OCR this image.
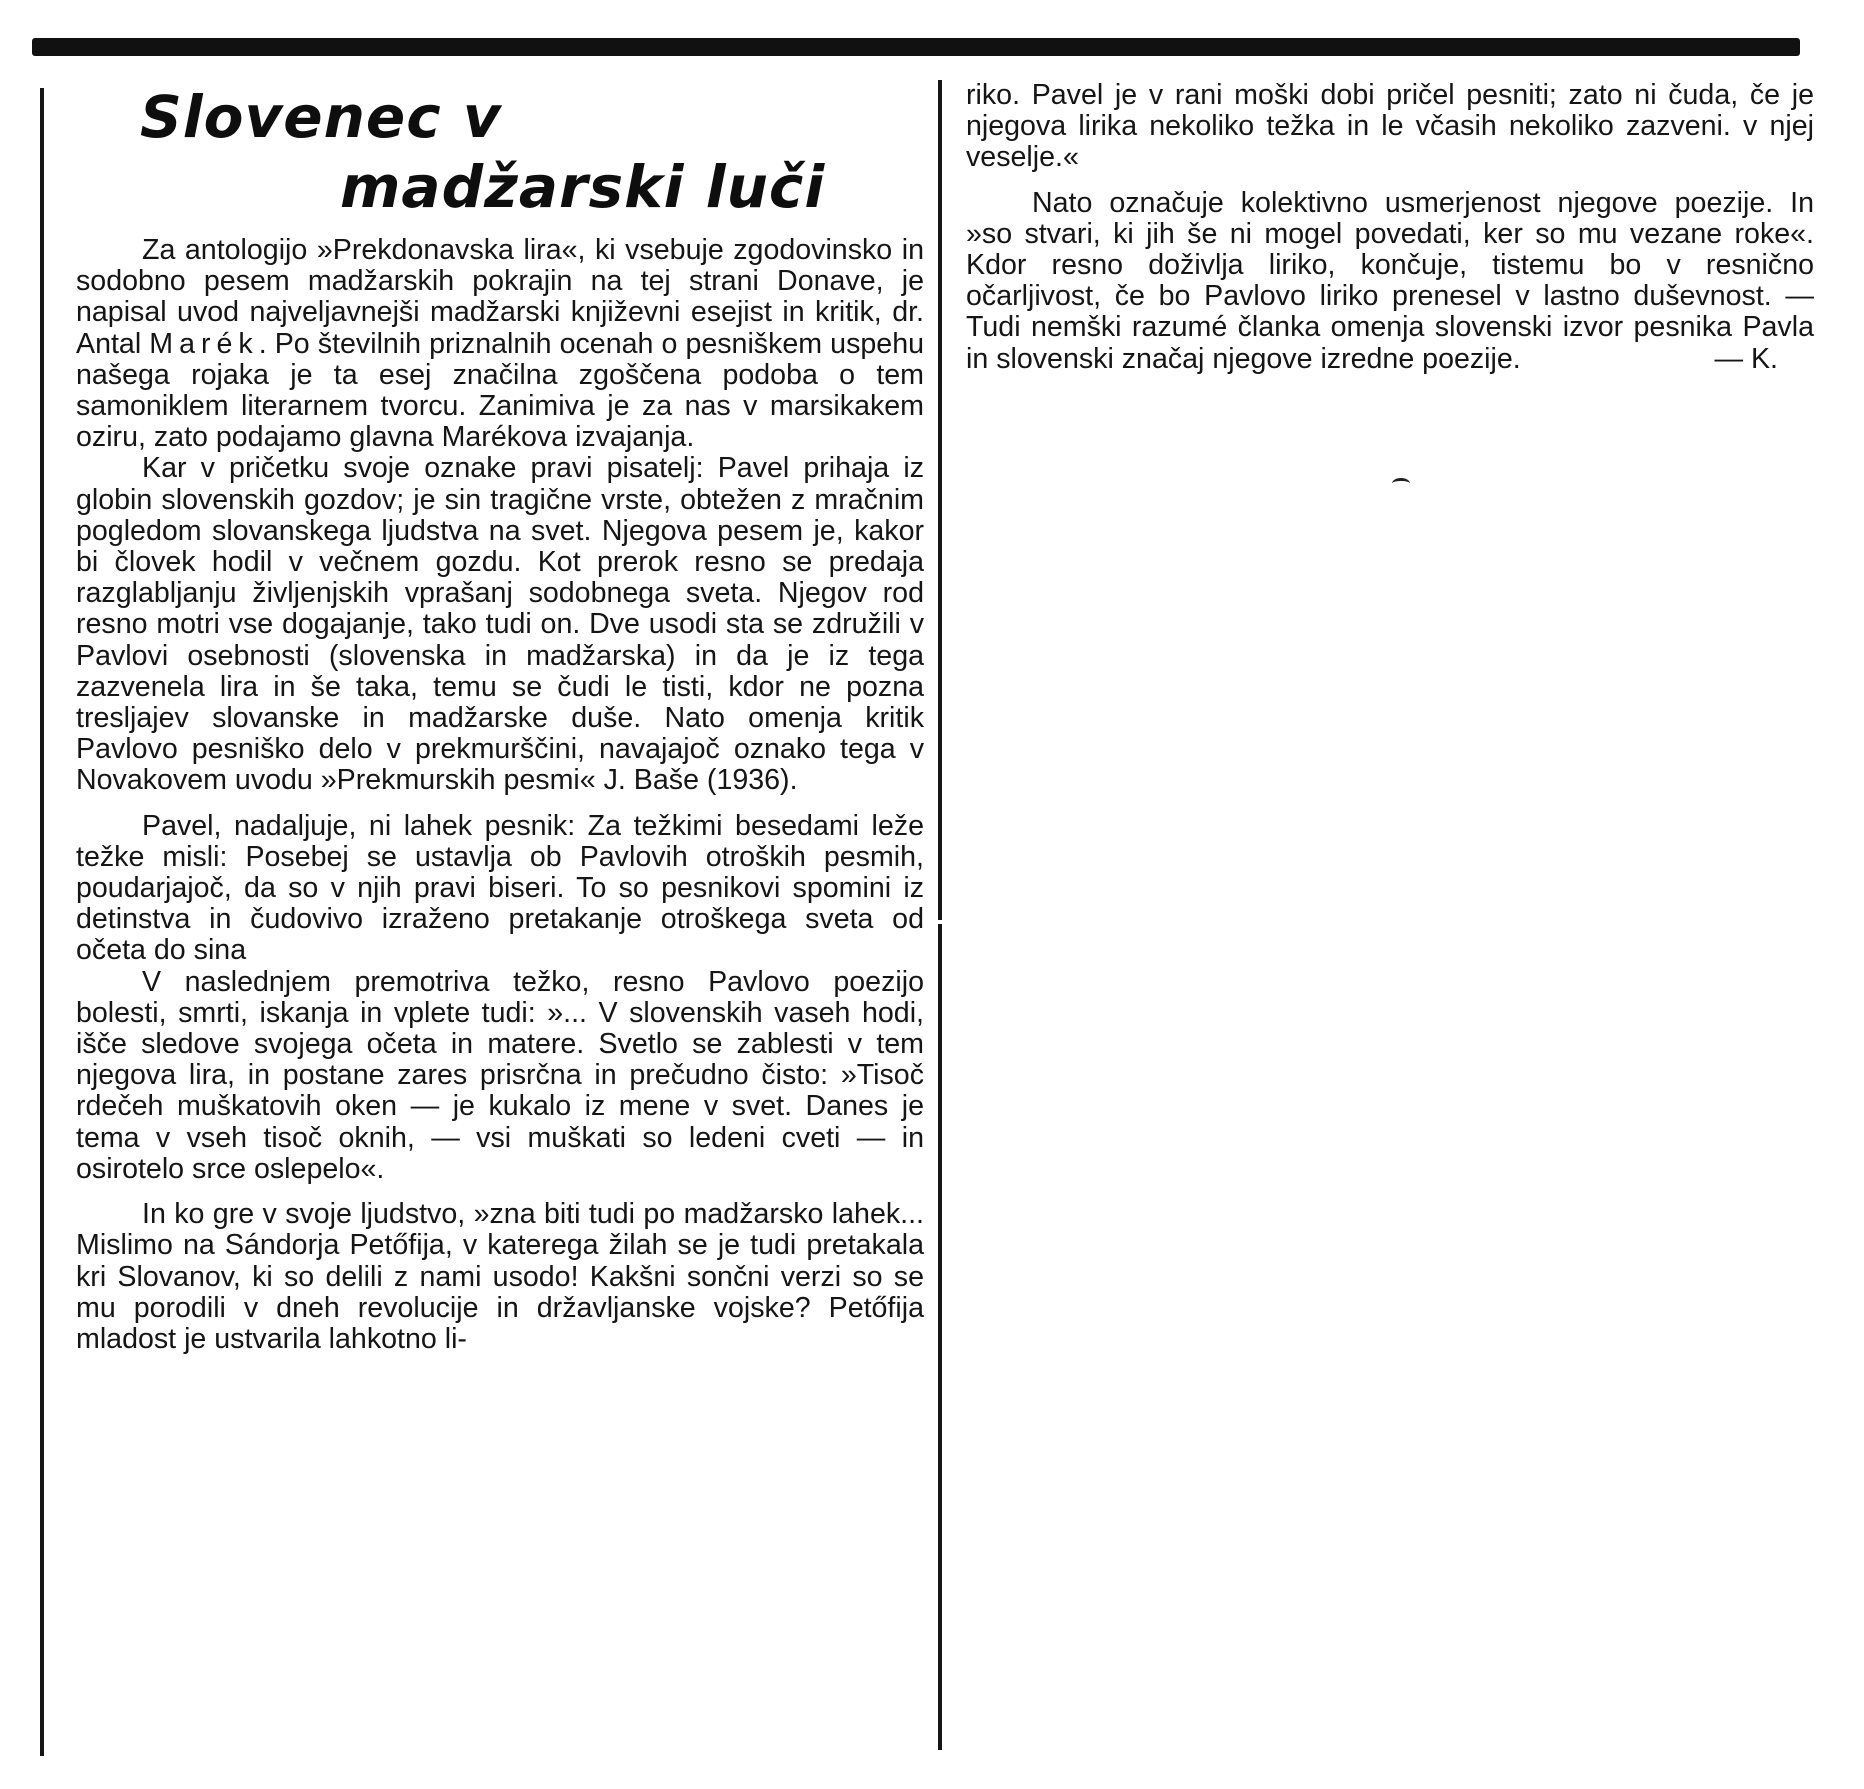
Slovenec v
madžarski luči

Za antologijo »Prekdonavska lira«, ki vsebuje zgodovinsko in sodobno pesem madžarskih pokrajin na tej strani Donave, je napisal uvod najveljavnejši madžarski književni esejist in kritik, dr. Antal Marék. Po številnih priznalnih ocenah o pesniškem uspehu našega rojaka je ta esej značilna zgoščena podoba o tem samoniklem literarnem tvorcu. Zanimiva je za nas v marsikakem oziru, zato podajamo glavna Marékova izvajanja.

Kar v pričetku svoje oznake pravi pisatelj: Pavel prihaja iz globin slovenskih gozdov; je sin tragične vrste, obtežen z mračnim pogledom slovanskega ljudstva na svet. Njegova pesem je, kakor bi človek hodil v večnem gozdu. Kot prerok resno se predaja razglabljanju življenjskih vprašanj sodobnega sveta. Njegov rod resno motri vse dogajanje, tako tudi on. Dve usodi sta se združili v Pavlovi osebnosti (slovenska in madžarska) in da je iz tega zazvenela lira in še taka, temu se čudi le tisti, kdor ne pozna tresljajev slovanske in madžarske duše. Nato omenja kritik Pavlovo pesniško delo v prekmurščini, navajajoč oznako tega v Novakovem uvodu »Prekmurskih pesmi« J. Baše (1936).

Pavel, nadaljuje, ni lahek pesnik: Za težkimi besedami leže težke misli: Posebej se ustavlja ob Pavlovih otroških pesmih, poudarjajoč, da so v njih pravi biseri. To so pesnikovi spomini iz detinstva in čudovivo izraženo pretakanje otroškega sveta od očeta do sina

V naslednjem premotriva težko, resno Pavlovo poezijo bolesti, smrti, iskanja in vplete tudi: »... V slovenskih vaseh hodi, išče sledove svojega očeta in matere. Svetlo se zablesti v tem njegova lira, in postane zares prisrčna in prečudno čisto: »Tisoč rdečeh muškatovih oken — je kukalo iz mene v svet. Danes je tema v vseh tisoč oknih, — vsi muškati so ledeni cveti — in osirotelo srce oslepelo«.

In ko gre v svoje ljudstvo, »zna biti tudi po madžarsko lahek... Mislimo na Sándorja Petőfija, v katerega žilah se je tudi pretakala kri Slovanov, ki so delili z nami usodo! Kakšni sončni verzi so se mu porodili v dneh revolucije in državljanske vojske? Petőfija mladost je ustvarila lahkotno li-

riko. Pavel je v rani moški dobi pričel pesniti; zato ni čuda, če je njegova lirika nekoliko težka in le včasih nekoliko zazveni. v njej veselje.«

Nato označuje kolektivno usmerjenost njegove poezije. In »so stvari, ki jih še ni mogel povedati, ker so mu vezane roke«. Kdor resno doživlja liriko, končuje, tistemu bo v resnično očarljivost, če bo Pavlovo liriko prenesel v lastno duševnost. — Tudi nemški razumé članka omenja slovenski izvor pesnika Pavla in slovenski značaj njegove izredne poezije.	— K.
